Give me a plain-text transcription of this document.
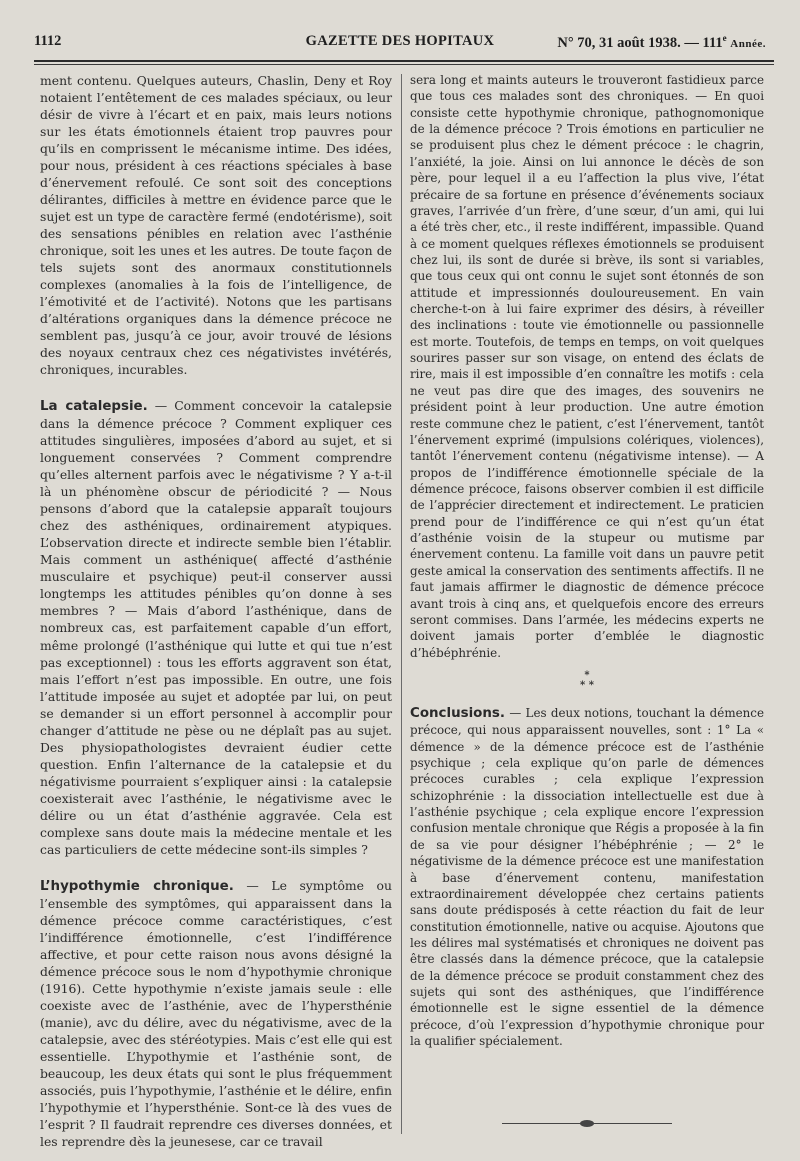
1112	GAZETTE DES HOPITAUX	N° 70, 31 août 1938. — 111e Année.

ment contenu. Quelques auteurs, Chaslin, Deny et Roy notaient l’entêtement de ces malades spéciaux, ou leur désir de vivre à l’écart et en paix, mais leurs notions sur les états émotionnels étaient trop pauvres pour qu’ils en comprissent le mécanisme intime. Des idées, pour nous, président à ces réactions spéciales à base d’énervement refoulé. Ce sont soit des conceptions délirantes, difficiles à mettre en évidence parce que le sujet est un type de caractère fermé (endotérisme), soit des sensations pénibles en relation avec l’asthénie chronique, soit les unes et les autres. De toute façon de tels sujets sont des anormaux constitutionnels complexes (anomalies à la fois de l’intelligence, de l’émotivité et de l’activité). Notons que les partisans d’altérations organiques dans la démence précoce ne semblent pas, jusqu’à ce jour, avoir trouvé de lésions des noyaux centraux chez ces négativistes invétérés, chroniques, incurables.

La catalepsie. — Comment concevoir la catalepsie dans la démence précoce ? Comment expliquer ces attitudes singulières, imposées d’abord au sujet, et si longuement conservées ? Comment comprendre qu’elles alternent parfois avec le négativisme ? Y a-t-il là un phénomène obscur de périodicité ? — Nous pensons d’abord que la catalepsie apparaît toujours chez des asthéniques, ordinairement atypiques. L’observation directe et indirecte semble bien l’établir. Mais comment un asthénique( affecté d’asthénie musculaire et psychique) peut-il conserver aussi longtemps les attitudes pénibles qu’on donne à ses membres ? — Mais d’abord l’asthénique, dans de nombreux cas, est parfaitement capable d’un effort, même prolongé (l’asthénique qui lutte et qui tue n’est pas exceptionnel) : tous les efforts aggravent son état, mais l’effort n’est pas impossible. En outre, une fois l’attitude imposée au sujet et adoptée par lui, on peut se demander si un effort personnel à accomplir pour changer d’attitude ne pèse ou ne déplaît pas au sujet. Des physiopathologistes devraient éudier cette question. Enfin l’alternance de la catalepsie et du négativisme pourraient s’expliquer ainsi : la catalepsie coexisterait avec l’asthénie, le négativisme avec le délire ou un état d’asthénie aggravée. Cela est complexe sans doute mais la médecine mentale et les cas particuliers de cette médecine sont-ils simples ?

L’hypothymie chronique. — Le symptôme ou l’ensemble des symptômes, qui apparaissent dans la démence précoce comme caractéristiques, c’est l’indifférence émotionnelle, c’est l’indifférence affective, et pour cette raison nous avons désigné la démence précoce sous le nom d’hypothymie chronique (1916). Cette hypothymie n’existe jamais seule : elle coexiste avec de l’asthénie, avec de l’hypersthénie (manie), avc du délire, avec du négativisme, avec de la catalepsie, avec des stéréotypies. Mais c’est elle qui est essentielle. L’hypothymie et l’asthénie sont, de beaucoup, les deux états qui sont le plus fréquemment associés, puis l’hypothymie, l’asthénie et le délire, enfin l’hypothymie et l’hypersthénie. Sont-ce là des vues de l’esprit ? Il faudrait reprendre ces diverses données, et les reprendre dès la jeunesese, car ce travail

sera long et maints auteurs le trouveront fastidieux parce que tous ces malades sont des chroniques. — En quoi consiste cette hypothymie chronique, pathognomonique de la démence précoce ? Trois émotions en particulier ne se produisent plus chez le dément précoce : le chagrin, l’anxiété, la joie. Ainsi on lui annonce le décès de son père, pour lequel il a eu l’affection la plus vive, l’état précaire de sa fortune en présence d’événements sociaux graves, l’arrivée d’un frère, d’une sœur, d’un ami, qui lui a été très cher, etc., il reste indifférent, impassible. Quand à ce moment quelques réflexes émotionnels se produisent chez lui, ils sont de durée si brève, ils sont si variables, que tous ceux qui ont connu le sujet sont étonnés de son attitude et impressionnés douloureusement. En vain cherche-t-on à lui faire exprimer des désirs, à réveiller des inclinations : toute vie émotionnelle ou passionnelle est morte. Toutefois, de temps en temps, on voit quelques sourires passer sur son visage, on entend des éclats de rire, mais il est impossible d’en connaître les motifs : cela ne veut pas dire que des images, des souvenirs ne président point à leur production. Une autre émotion reste commune chez le patient, c’est l’énervement, tantôt l’énervement exprimé (impulsions colériques, violences), tantôt l’énervement contenu (négativisme intense). — A propos de l’indifférence émotionnelle spéciale de la démence précoce, faisons observer combien il est difficile de l’apprécier directement et indirectement. Le praticien prend pour de l’indifférence ce qui n’est qu’un état d’asthénie voisin de la stupeur ou mutisme par énervement contenu. La famille voit dans un pauvre petit geste amical la conservation des sentiments affectifs. Il ne faut jamais affirmer le diagnostic de démence précoce avant trois à cinq ans, et quelquefois encore des erreurs seront commises. Dans l’armée, les médecins experts ne doivent jamais porter d’emblée le diagnostic d’hébéphrénie.

*
* *

Conclusions. — Les deux notions, touchant la démence précoce, qui nous apparaissent nouvelles, sont : 1° La « démence » de la démence précoce est de l’asthénie psychique ; cela explique qu’on parle de démences précoces curables ; cela explique l’expression schizophrénie : la dissociation intellectuelle est due à l’asthénie psychique ; cela explique encore l’expression confusion mentale chronique que Régis a proposée à la fin de sa vie pour désigner l’hébéphrénie ; — 2° le négativisme de la démence précoce est une manifestation à base d’énervement contenu, manifestation extraordinairement développée chez certains patients sans doute prédisposés à cette réaction du fait de leur constitution émotionnelle, native ou acquise. Ajoutons que les délires mal systématisés et chroniques ne doivent pas être classés dans la démence précoce, que la catalepsie de la démence précoce se produit constamment chez des sujets qui sont des asthéniques, que l’indifférence émotionnelle est le signe essentiel de la démence précoce, d’où l’expression d’hypothymie chronique pour la qualifier spécialement.
